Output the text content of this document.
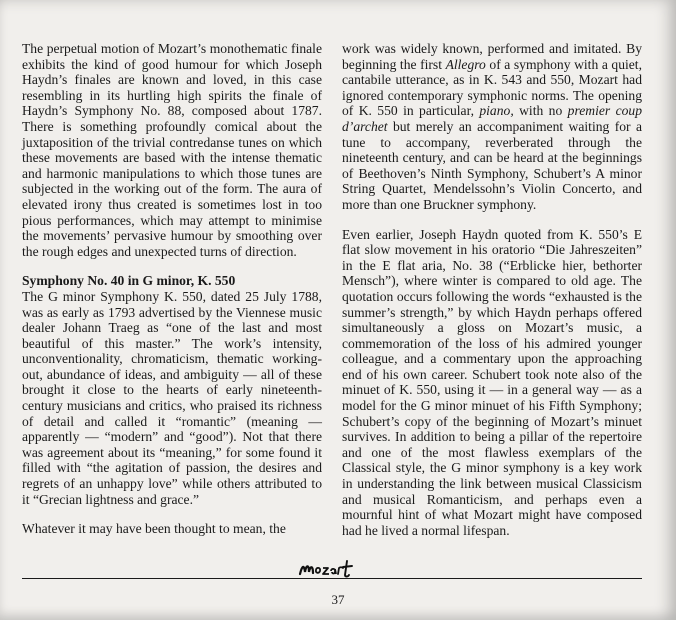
The perpetual motion of Mozart’s monothematic finale exhibits the kind of good humour for which Joseph Haydn’s finales are known and loved, in this case resembling in its hurtling high spirits the finale of Haydn’s Symphony No. 88, composed about 1787. There is something profoundly comical about the juxtaposition of the trivial contredanse tunes on which these movements are based with the intense thematic and harmonic manipulations to which those tunes are subjected in the working out of the form. The aura of elevated irony thus created is sometimes lost in too pious performances, which may attempt to minimise the movements’ pervasive humour by smoothing over the rough edges and unexpected turns of direction.

Symphony No. 40 in G minor, K. 550
The G minor Symphony K. 550, dated 25 July 1788, was as early as 1793 advertised by the Viennese music dealer Johann Traeg as “one of the last and most beautiful of this master.” The work’s intensity, unconventionality, chromaticism, thematic working-out, abundance of ideas, and ambiguity — all of these brought it close to the hearts of early nineteenth-century musicians and critics, who praised its richness of detail and called it “romantic” (meaning — apparently — “modern” and “good”). Not that there was agreement about its “meaning,” for some found it filled with “the agitation of passion, the desires and regrets of an unhappy love” while others attributed to it “Grecian lightness and grace.”

Whatever it may have been thought to mean, the

work was widely known, performed and imitated. By beginning the first Allegro of a symphony with a quiet, cantabile utterance, as in K. 543 and 550, Mozart had ignored contemporary symphonic norms. The opening of K. 550 in particular, piano, with no premier coup d’archet but merely an accompaniment waiting for a tune to accompany, reverberated through the nineteenth century, and can be heard at the beginnings of Beethoven’s Ninth Symphony, Schubert’s A minor String Quartet, Mendelssohn’s Violin Concerto, and more than one Bruckner symphony.

Even earlier, Joseph Haydn quoted from K. 550’s E flat slow movement in his oratorio “Die Jahreszeiten” in the E flat aria, No. 38 (“Erblicke hier, bethorter Mensch”), where winter is compared to old age. The quotation occurs following the words “exhausted is the summer’s strength,” by which Haydn perhaps offered simultaneously a gloss on Mozart’s music, a commemoration of the loss of his admired younger colleague, and a commentary upon the approaching end of his own career. Schubert took note also of the minuet of K. 550, using it — in a general way — as a model for the G minor minuet of his Fifth Symphony; Schubert’s copy of the beginning of Mozart’s minuet survives. In addition to being a pillar of the repertoire and one of the most flawless exemplars of the Classical style, the G minor symphony is a key work in understanding the link between musical Classicism and musical Romanticism, and perhaps even a mournful hint of what Mozart might have composed had he lived a normal lifespan.

37
